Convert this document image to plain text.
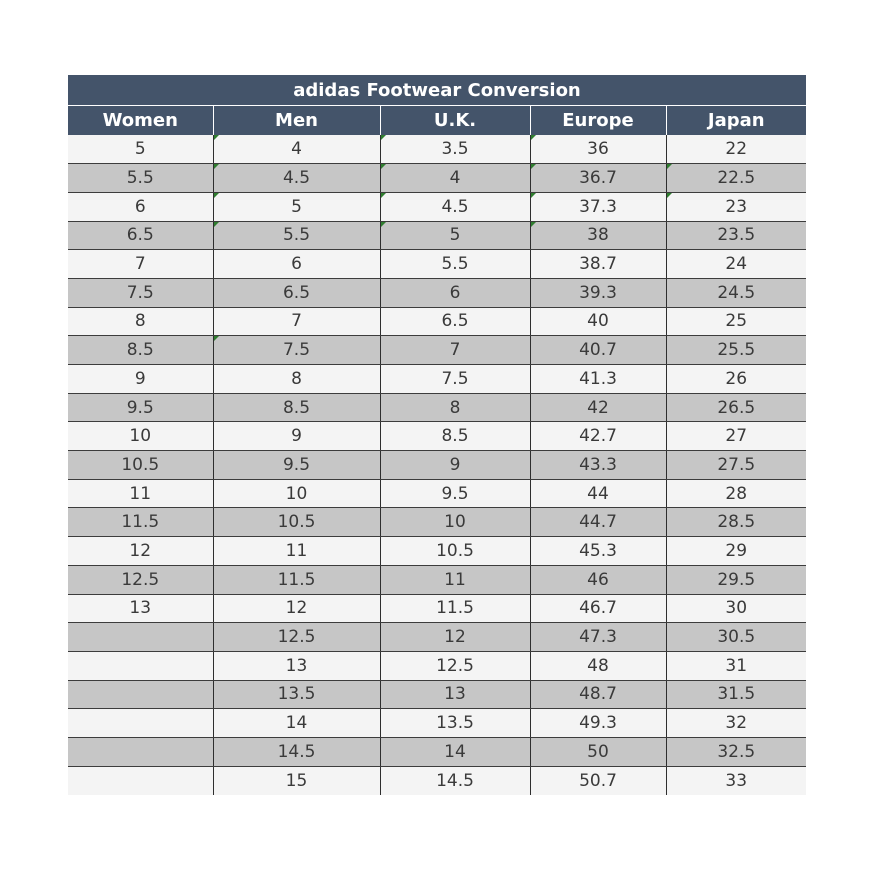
adidas Footwear Conversion
Women	Men	U.K.	Europe	Japan
5	4	3.5	36	22
5.5	4.5	4	36.7	22.5
6	5	4.5	37.3	23
6.5	5.5	5	38	23.5
7	6	5.5	38.7	24
7.5	6.5	6	39.3	24.5
8	7	6.5	40	25
8.5	7.5	7	40.7	25.5
9	8	7.5	41.3	26
9.5	8.5	8	42	26.5
10	9	8.5	42.7	27
10.5	9.5	9	43.3	27.5
11	10	9.5	44	28
11.5	10.5	10	44.7	28.5
12	11	10.5	45.3	29
12.5	11.5	11	46	29.5
13	12	11.5	46.7	30
	12.5	12	47.3	30.5
	13	12.5	48	31
	13.5	13	48.7	31.5
	14	13.5	49.3	32
	14.5	14	50	32.5
	15	14.5	50.7	33
